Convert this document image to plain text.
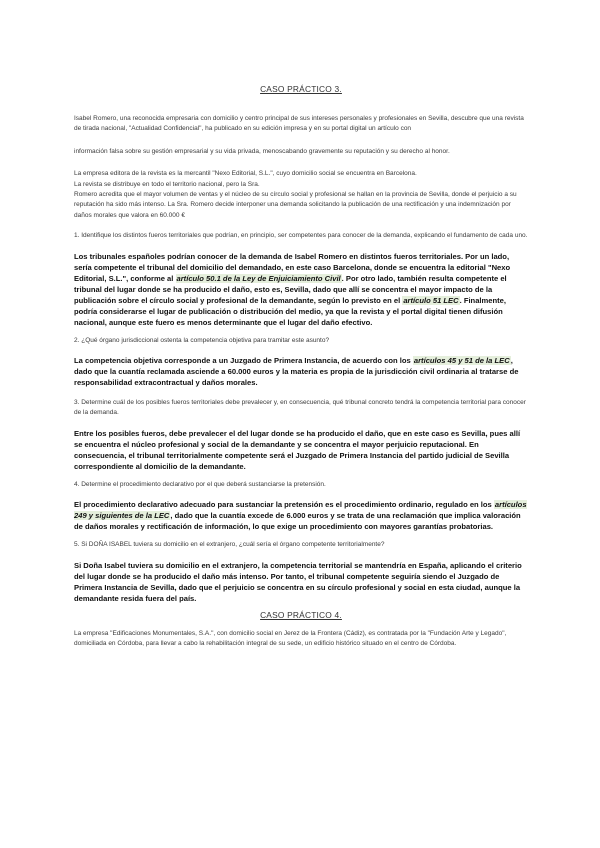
CASO PRÁCTICO 3.

Isabel Romero, una reconocida empresaria con domicilio y centro principal de sus intereses personales y profesionales en Sevilla, descubre que una revista de tirada nacional, "Actualidad Confidencial", ha publicado en su edición impresa y en su portal digital un artículo con

información falsa sobre su gestión empresarial y su vida privada, menoscabando gravemente su reputación y su derecho al honor.

La empresa editora de la revista es la mercantil "Nexo Editorial, S.L.", cuyo domicilio social se encuentra en Barcelona.

La revista se distribuye en todo el territorio nacional, pero la Sra.

Romero acredita que el mayor volumen de ventas y el núcleo de su círculo social y profesional se hallan en la provincia de Sevilla, donde el perjuicio a su reputación ha sido más intenso. La Sra. Romero decide interponer una demanda solicitando la publicación de una rectificación y una indemnización por daños morales que valora en 60.000 €

1. Identifique los distintos fueros territoriales que podrían, en principio, ser competentes para conocer de la demanda, explicando el fundamento de cada uno.

Los tribunales españoles podrían conocer de la demanda de Isabel Romero en distintos fueros territoriales. Por un lado, sería competente el tribunal del domicilio del demandado, en este caso Barcelona, donde se encuentra la editorial "Nexo Editorial, S.L.", conforme al artículo 50.1 de la Ley de Enjuiciamiento Civil. Por otro lado, también resulta competente el tribunal del lugar donde se ha producido el daño, esto es, Sevilla, dado que allí se concentra el mayor impacto de la publicación sobre el círculo social y profesional de la demandante, según lo previsto en el artículo 51 LEC. Finalmente, podría considerarse el lugar de publicación o distribución del medio, ya que la revista y el portal digital tienen difusión nacional, aunque este fuero es menos determinante que el lugar del daño efectivo.

2. ¿Qué órgano jurisdiccional ostenta la competencia objetiva para tramitar este asunto?

La competencia objetiva corresponde a un Juzgado de Primera Instancia, de acuerdo con los artículos 45 y 51 de la LEC, dado que la cuantía reclamada asciende a 60.000 euros y la materia es propia de la jurisdicción civil ordinaria al tratarse de responsabilidad extracontractual y daños morales.

3. Determine cuál de los posibles fueros territoriales debe prevalecer y, en consecuencia, qué tribunal concreto tendrá la competencia territorial para conocer de la demanda.

Entre los posibles fueros, debe prevalecer el del lugar donde se ha producido el daño, que en este caso es Sevilla, pues allí se encuentra el núcleo profesional y social de la demandante y se concentra el mayor perjuicio reputacional. En consecuencia, el tribunal territorialmente competente será el Juzgado de Primera Instancia del partido judicial de Sevilla correspondiente al domicilio de la demandante.

4. Determine el procedimiento declarativo por el que deberá sustanciarse la pretensión.

El procedimiento declarativo adecuado para sustanciar la pretensión es el procedimiento ordinario, regulado en los artículos 249 y siguientes de la LEC, dado que la cuantía excede de 6.000 euros y se trata de una reclamación que implica valoración de daños morales y rectificación de información, lo que exige un procedimiento con mayores garantías probatorias.

5. Si DOÑA ISABEL tuviera su domicilio en el extranjero, ¿cuál sería el órgano competente territorialmente?

Si Doña Isabel tuviera su domicilio en el extranjero, la competencia territorial se mantendría en España, aplicando el criterio del lugar donde se ha producido el daño más intenso. Por tanto, el tribunal competente seguiría siendo el Juzgado de Primera Instancia de Sevilla, dado que el perjuicio se concentra en su círculo profesional y social en esta ciudad, aunque la demandante resida fuera del país.

CASO PRÁCTICO 4.

La empresa "Edificaciones Monumentales, S.A.", con domicilio social en Jerez de la Frontera (Cádiz), es contratada por la "Fundación Arte y Legado", domiciliada en Córdoba, para llevar a cabo la rehabilitación integral de su sede, un edificio histórico situado en el centro de Córdoba.
